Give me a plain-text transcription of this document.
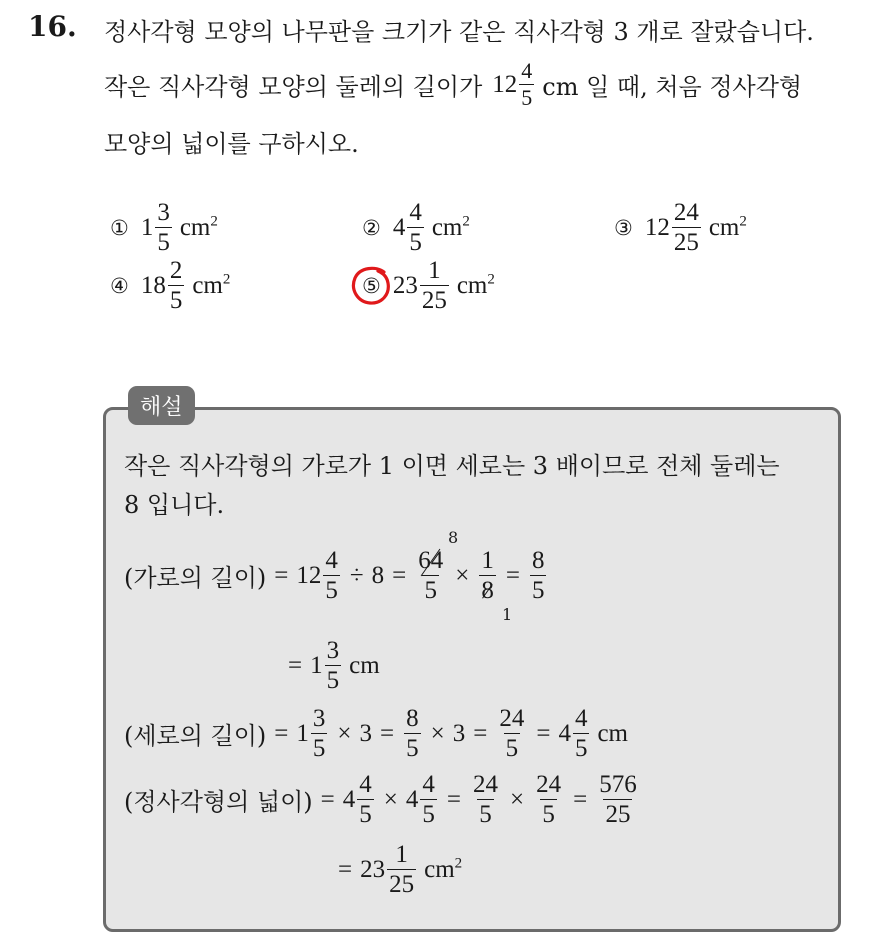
16. 정사각형 모양의 나무판을 크기가 같은 직사각형 3 개로 잘랐습니다.
작은 직사각형 모양의 둘레의 길이가 $12 \frac{4}{5}$ cm 일 때, 처음 정사각형
모양의 넓이를 구하시오.
① $1 \frac{3}{5} cm^2$	② $4 \frac{4}{5} cm^2$	③ $12 \frac{24}{25} cm^2$
④ $18 \frac{2}{5} cm^2$	⑤ $23 \frac{1}{25} cm^2$
해설
작은 직사각형의 가로가 1 이면 세로는 3 배이므로 전체 둘레는
8 입니다.
(가로의 길이) = $12 \frac{4}{5} \div 8 = \frac{64}{5} \times \frac{1}{8} = \frac{8}{5}$
8
1
= $1 \frac{3}{5}$ cm
(세로의 길이) = $1 \frac{3}{5} \times 3 = \frac{8}{5} \times 3 = \frac{24}{5} = 4 \frac{4}{5}$ cm
(정사각형의 넓이) = $4 \frac{4}{5} \times 4 \frac{4}{5} = \frac{24}{5} \times \frac{24}{5} = \frac{576}{25}$
= $23 \frac{1}{25} cm^2$
